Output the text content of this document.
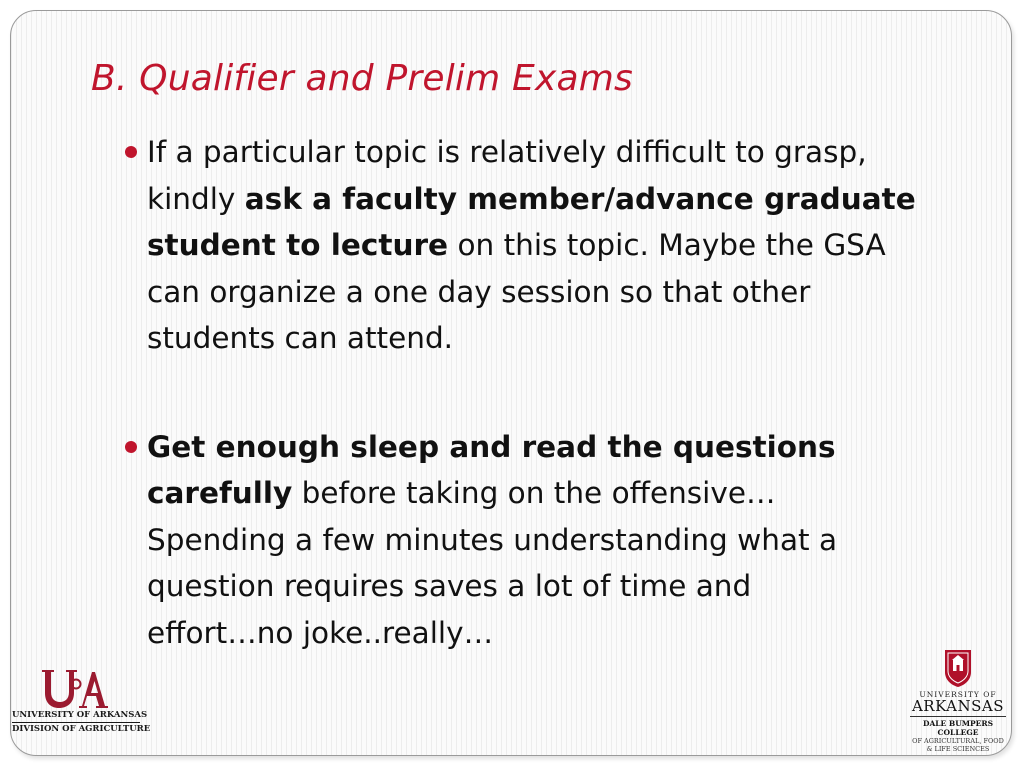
B. Qualifier and Prelim Exams
If a particular topic is relatively difficult to grasp,
kindly ask a faculty member/advance graduate
student to lecture on this topic. Maybe the GSA
can organize a one day session so that other
students can attend.
Get enough sleep and read the questions
carefully before taking on the offensive…
Spending a few minutes understanding what a
question requires saves a lot of time and
effort…no joke..really…
UNIVERSITY OF ARKANSAS
DIVISION OF AGRICULTURE
UNIVERSITY OF
ARKANSAS
DALE BUMPERS COLLEGE
OF AGRICULTURAL, FOOD
& LIFE SCIENCES
